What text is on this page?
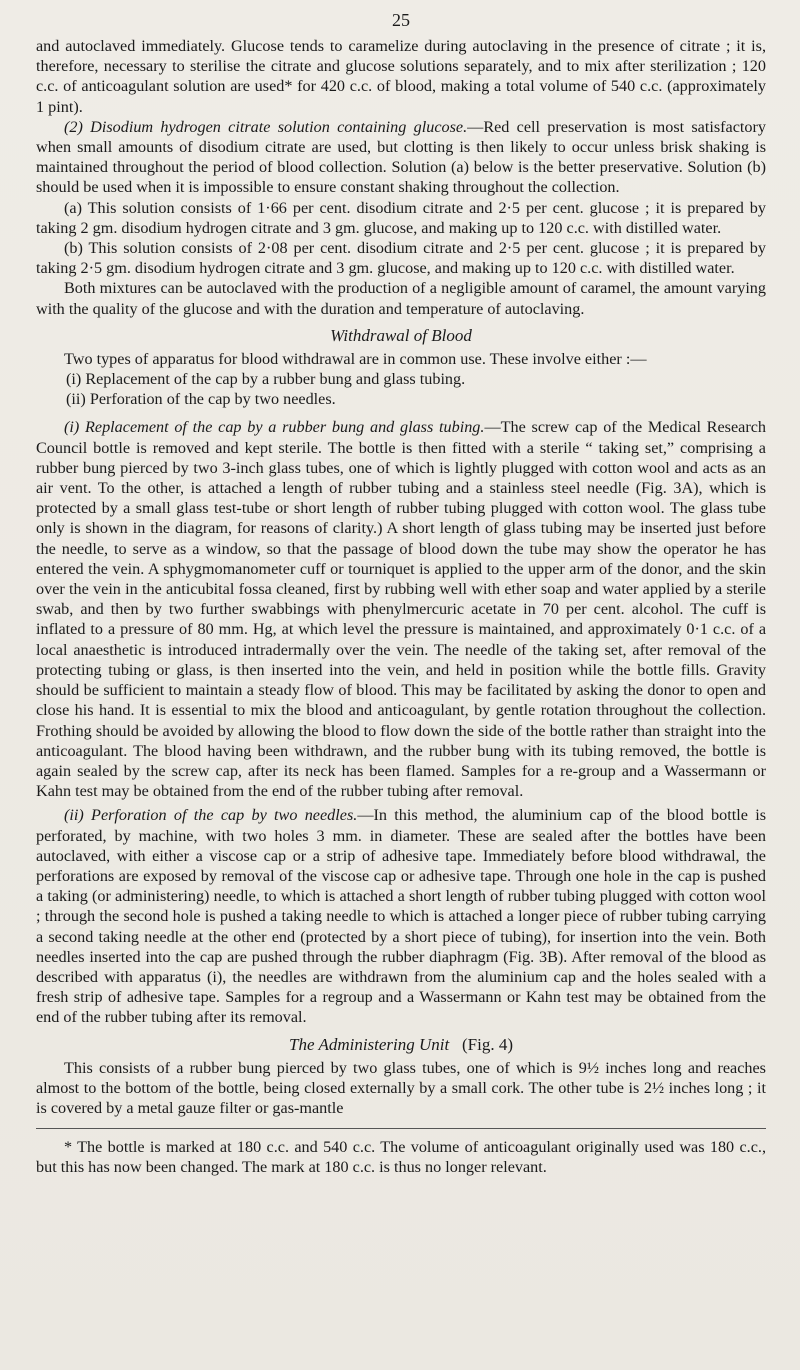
25

and autoclaved immediately. Glucose tends to caramelize during autoclaving in the presence of citrate ; it is, therefore, necessary to sterilise the citrate and glucose solutions separately, and to mix after sterilization ; 120 c.c. of anticoagulant solution are used* for 420 c.c. of blood, making a total volume of 540 c.c. (approximately 1 pint).

(2) Disodium hydrogen citrate solution containing glucose.—Red cell preservation is most satisfactory when small amounts of disodium citrate are used, but clotting is then likely to occur unless brisk shaking is maintained throughout the period of blood collection. Solution (a) below is the better preservative. Solution (b) should be used when it is impossible to ensure constant shaking throughout the collection.

(a) This solution consists of 1·66 per cent. disodium citrate and 2·5 per cent. glucose ; it is prepared by taking 2 gm. disodium hydrogen citrate and 3 gm. glucose, and making up to 120 c.c. with distilled water.

(b) This solution consists of 2·08 per cent. disodium citrate and 2·5 per cent. glucose ; it is prepared by taking 2·5 gm. disodium hydrogen citrate and 3 gm. glucose, and making up to 120 c.c. with distilled water.

Both mixtures can be autoclaved with the production of a negligible amount of caramel, the amount varying with the quality of the glucose and with the duration and temperature of autoclaving.

Withdrawal of Blood

Two types of apparatus for blood withdrawal are in common use. These involve either :—

(i) Replacement of the cap by a rubber bung and glass tubing.

(ii) Perforation of the cap by two needles.

(i) Replacement of the cap by a rubber bung and glass tubing.—The screw cap of the Medical Research Council bottle is removed and kept sterile. The bottle is then fitted with a sterile “ taking set,” comprising a rubber bung pierced by two 3-inch glass tubes, one of which is lightly plugged with cotton wool and acts as an air vent. To the other, is attached a length of rubber tubing and a stainless steel needle (Fig. 3A), which is protected by a small glass test-tube or short length of rubber tubing plugged with cotton wool. The glass tube only is shown in the diagram, for reasons of clarity.) A short length of glass tubing may be inserted just before the needle, to serve as a window, so that the passage of blood down the tube may show the operator he has entered the vein. A sphygmomanometer cuff or tourniquet is applied to the upper arm of the donor, and the skin over the vein in the anticubital fossa cleaned, first by rubbing well with ether soap and water applied by a sterile swab, and then by two further swabbings with phenylmercuric acetate in 70 per cent. alcohol. The cuff is inflated to a pressure of 80 mm. Hg, at which level the pressure is maintained, and approximately 0·1 c.c. of a local anaesthetic is introduced intradermally over the vein. The needle of the taking set, after removal of the protecting tubing or glass, is then inserted into the vein, and held in position while the bottle fills. Gravity should be sufficient to maintain a steady flow of blood. This may be facilitated by asking the donor to open and close his hand. It is essential to mix the blood and anticoagulant, by gentle rotation throughout the collection. Frothing should be avoided by allowing the blood to flow down the side of the bottle rather than straight into the anticoagulant. The blood having been withdrawn, and the rubber bung with its tubing removed, the bottle is again sealed by the screw cap, after its neck has been flamed. Samples for a re-group and a Wassermann or Kahn test may be obtained from the end of the rubber tubing after removal.

(ii) Perforation of the cap by two needles.—In this method, the aluminium cap of the blood bottle is perforated, by machine, with two holes 3 mm. in diameter. These are sealed after the bottles have been autoclaved, with either a viscose cap or a strip of adhesive tape. Immediately before blood withdrawal, the perforations are exposed by removal of the viscose cap or adhesive tape. Through one hole in the cap is pushed a taking (or administering) needle, to which is attached a short length of rubber tubing plugged with cotton wool ; through the second hole is pushed a taking needle to which is attached a longer piece of rubber tubing carrying a second taking needle at the other end (protected by a short piece of tubing), for insertion into the vein. Both needles inserted into the cap are pushed through the rubber diaphragm (Fig. 3B). After removal of the blood as described with apparatus (i), the needles are withdrawn from the aluminium cap and the holes sealed with a fresh strip of adhesive tape. Samples for a regroup and a Wassermann or Kahn test may be obtained from the end of the rubber tubing after its removal.

The Administering Unit (Fig. 4)

This consists of a rubber bung pierced by two glass tubes, one of which is 9½ inches long and reaches almost to the bottom of the bottle, being closed externally by a small cork. The other tube is 2½ inches long ; it is covered by a metal gauze filter or gas-mantle

* The bottle is marked at 180 c.c. and 540 c.c. The volume of anticoagulant originally used was 180 c.c., but this has now been changed. The mark at 180 c.c. is thus no longer relevant.
